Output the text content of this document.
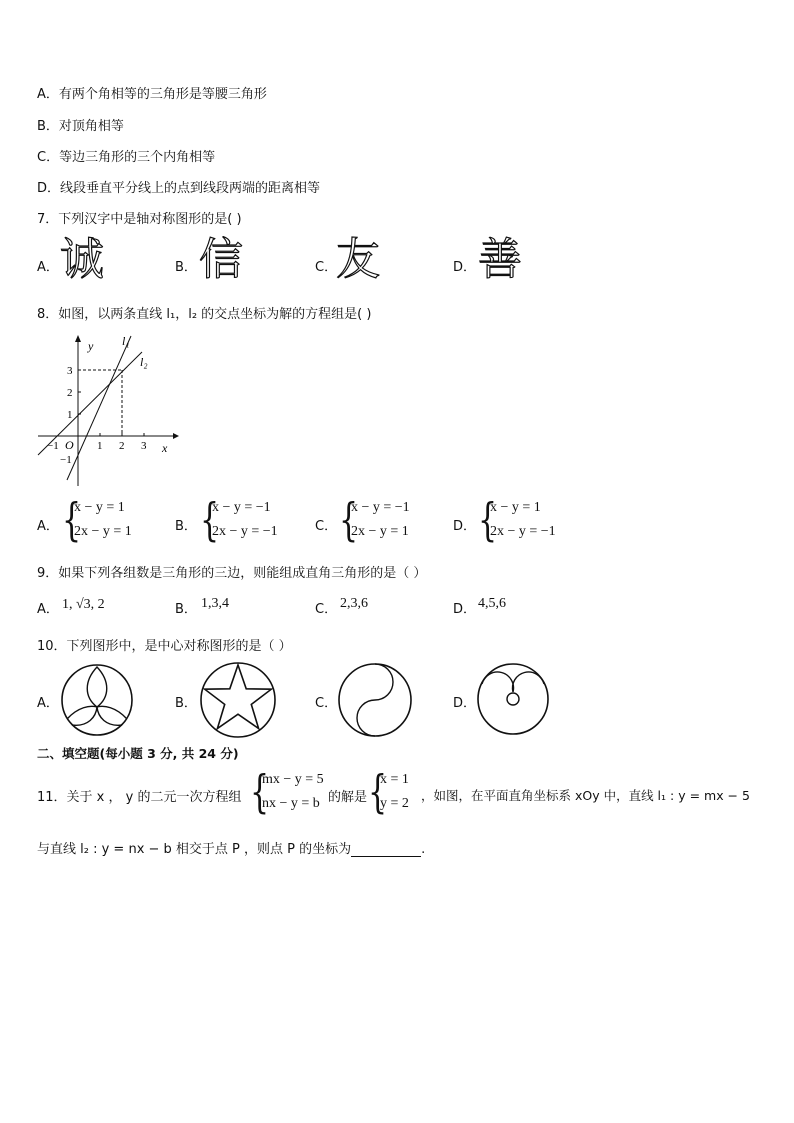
A．有两个角相等的三角形是等腰三角形
B．对顶角相等
C．等边三角形的三个内角相等
D．线段垂直平分线上的点到线段两端的距离相等
7．下列汉字中是轴对称图形的是( )
A． 诚	B． 信	C．
友	D． 善
8．如图，以两条直线 l₁，l₂ 的交点坐标为解的方程组是( )
y
x
O
−1	1 2 3
3
2
1
−1
l₁
l₂
A． {
x − y = 1
2x − y = 1	B． {
x − y = −1
2x − y = −1	C． {
x − y = −1
2x − y = 1	D． {
x − y = 1
2x − y = −1
9．如果下列各组数是三角形的三边，则能组成直角三角形的是（ ）
A． 1, √3, 2	B． 1,3,4	C． 2,3,6	D． 4,5,6
10．下列图形中，是中心对称图形的是（ ）
A．	B．	C．	D．
二、填空题(每小题 3 分, 共 24 分)
11．关于 x ， y 的二元一次方程组 {
mx − y = 5
nx − y = b 的解是 {
x = 1
y = 2
，如图，在平面直角坐标系 xOy 中，直线 l₁ : y = mx − 5
与直线 l₂ : y = nx − b 相交于点 P ，则点 P 的坐标为	.
